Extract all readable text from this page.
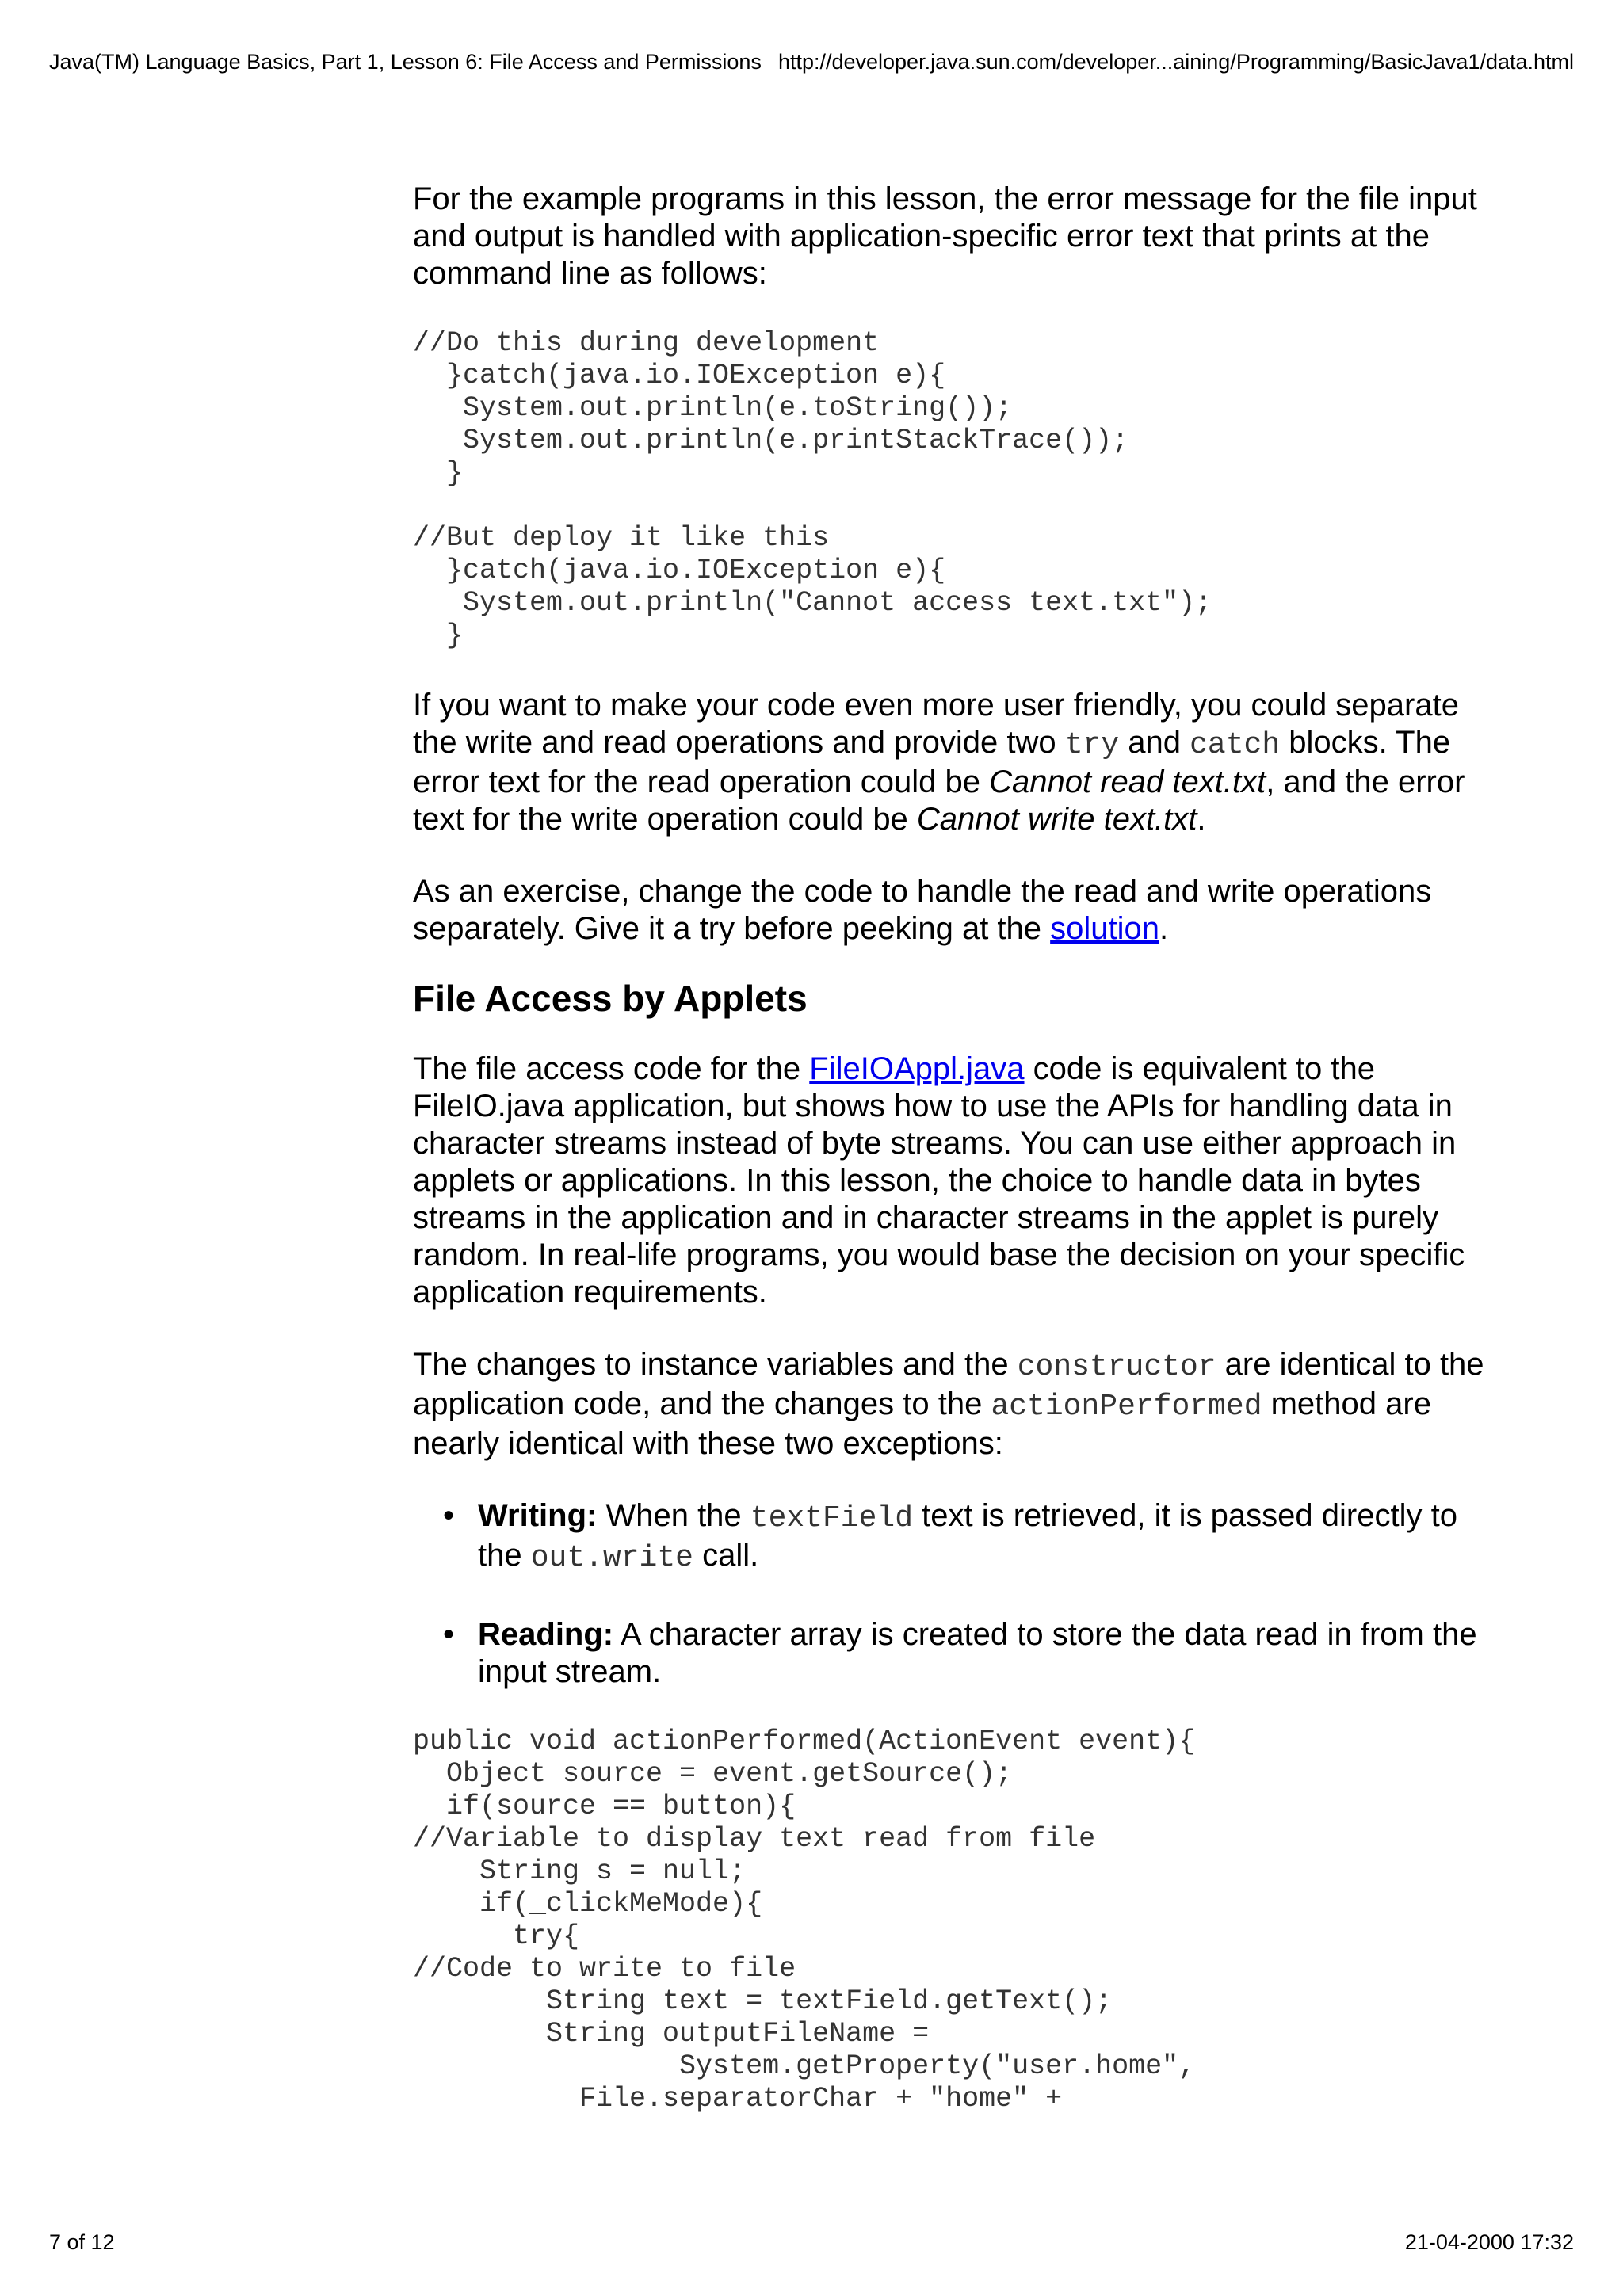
Java(TM) Language Basics, Part 1, Lesson 6: File Access and Permissions http://developer.java.sun.com/developer...aining/Programming/BasicJava1/data.html

For the example programs in this lesson, the error message for the file input and output is handled with application-specific error text that prints at the command line as follows:

//Do this during development
}catch(java.io.IOException e){
System.out.println(e.toString());
System.out.println(e.printStackTrace());
}

//But deploy it like this
}catch(java.io.IOException e){
System.out.println("Cannot access text.txt");
}

If you want to make your code even more user friendly, you could separate the write and read operations and provide two try and catch blocks. The error text for the read operation could be Cannot read text.txt, and the error text for the write operation could be Cannot write text.txt.

As an exercise, change the code to handle the read and write operations separately. Give it a try before peeking at the solution.

File Access by Applets

The file access code for the FileIOAppl.java code is equivalent to the FileIO.java application, but shows how to use the APIs for handling data in character streams instead of byte streams. You can use either approach in applets or applications. In this lesson, the choice to handle data in bytes streams in the application and in character streams in the applet is purely random. In real-life programs, you would base the decision on your specific application requirements.

The changes to instance variables and the constructor are identical to the application code, and the changes to the actionPerformed method are nearly identical with these two exceptions:

• Writing: When the textField text is retrieved, it is passed directly to the out.write call.
• Reading: A character array is created to store the data read in from the input stream.
public void actionPerformed(ActionEvent event){
Object source = event.getSource();
if(source == button){
//Variable to display text read from file
String s = null;
if(_clickMeMode){
try{
//Code to write to file
String text = textField.getText();
String outputFileName =
System.getProperty("user.home",
File.separatorChar + "home" +
7 of 12	21-04-2000 17:32
